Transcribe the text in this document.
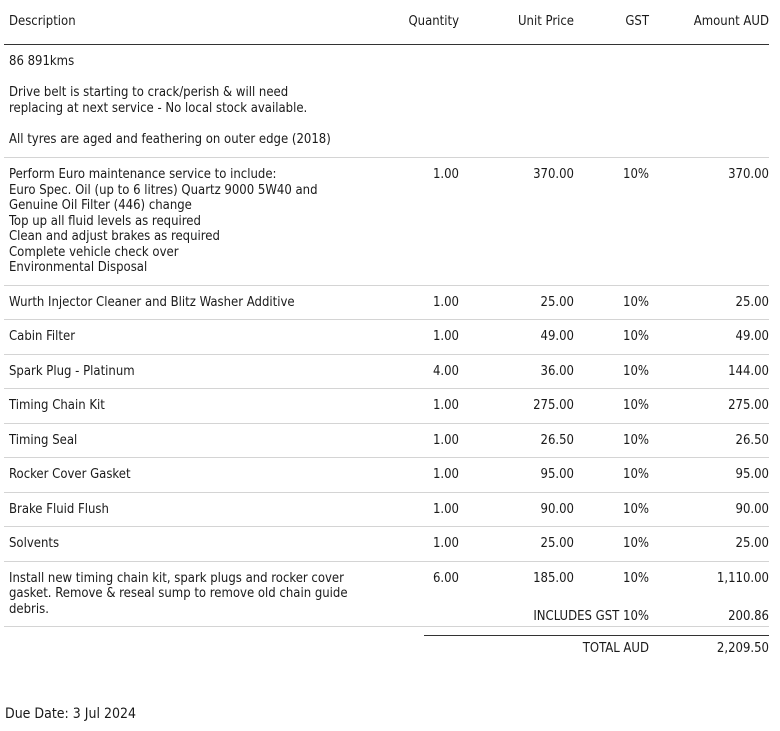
Description	Quantity	Unit Price	GST	Amount AUD
86 891kms
Drive belt is starting to crack/perish & will need
replacing at next service - No local stock available.
All tyres are aged and feathering on outer edge (2018)
Perform Euro maintenance service to include:
Euro Spec. Oil (up to 6 litres) Quartz 9000 5W40 and
Genuine Oil Filter (446) change
Top up all fluid levels as required
Clean and adjust brakes as required
Complete vehicle check over
Environmental Disposal
1.00	370.00	10%	370.00
Wurth Injector Cleaner and Blitz Washer Additive	1.00	25.00	10%	25.00
Cabin Filter	1.00	49.00	10%	49.00
Spark Plug - Platinum	4.00	36.00	10%	144.00
Timing Chain Kit	1.00	275.00	10%	275.00
Timing Seal	1.00	26.50	10%	26.50
Rocker Cover Gasket	1.00	95.00	10%	95.00
Brake Fluid Flush	1.00	90.00	10%	90.00
Solvents	1.00	25.00	10%	25.00
Install new timing chain kit, spark plugs and rocker cover
gasket. Remove & reseal sump to remove old chain guide
debris.
6.00	185.00	10%	1,110.00
INCLUDES GST 10%	200.86
TOTAL AUD	2,209.50
Due Date: 3 Jul 2024
